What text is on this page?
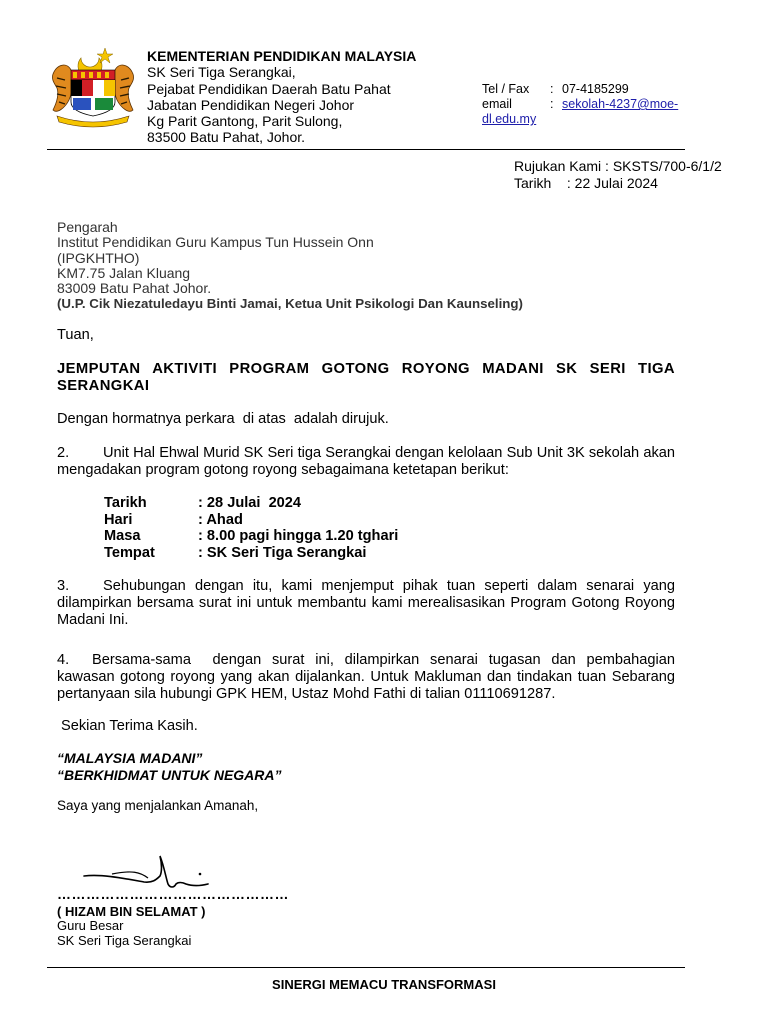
KEMENTERIAN PENDIDIKAN MALAYSIA
SK Seri Tiga Serangkai,
Pejabat Pendidikan Daerah Batu Pahat
Jabatan Pendidikan Negeri Johor
Kg Parit Gantong, Parit Sulong,
83500 Batu Pahat, Johor.
Tel / Fax	: 07-4185299
email	: sekolah-4237@moe-
dl.edu.my
Rujukan Kami : SKSTS/700-6/1/2
Tarikh    : 22 Julai 2024
Pengarah
Institut Pendidikan Guru Kampus Tun Hussein Onn
(IPGKHTHO)
KM7.75 Jalan Kluang
83009 Batu Pahat Johor.
(U.P. Cik Niezatuledayu Binti Jamai, Ketua Unit Psikologi Dan Kaunseling)
Tuan,
JEMPUTAN AKTIVITI PROGRAM GOTONG ROYONG MADANI SK SERI TIGA SERANGKAI
Dengan hormatnya perkara  di atas  adalah dirujuk.
2. Unit Hal Ehwal Murid SK Seri tiga Serangkai dengan kelolaan Sub Unit 3K sekolah akan mengadakan program gotong royong sebagaimana ketetapan berikut:
Tarikh	: 28 Julai  2024
Hari	: Ahad
Masa	: 8.00 pagi hingga 1.20 tghari
Tempat	: SK Seri Tiga Serangkai
3. Sehubungan dengan itu, kami menjemput pihak tuan seperti dalam senarai yang dilampirkan bersama surat ini untuk membantu kami merealisasikan Program Gotong Royong Madani Ini.
4. Bersama-sama  dengan surat ini, dilampirkan senarai tugasan dan pembahagian kawasan gotong royong yang akan dijalankan. Untuk Makluman dan tindakan tuan Sebarang pertanyaan sila hubungi GPK HEM, Ustaz Mohd Fathi di talian 01110691287.
Sekian Terima Kasih.
“MALAYSIA MADANI”
“BERKHIDMAT UNTUK NEGARA”
Saya yang menjalankan Amanah,
…………………………………………
( HIZAM BIN SELAMAT )
Guru Besar
SK Seri Tiga Serangkai
SINERGI MEMACU TRANSFORMASI
